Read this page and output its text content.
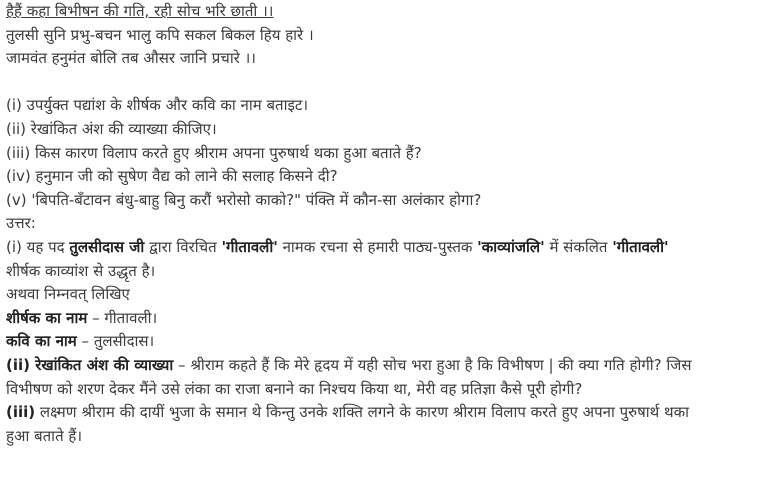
हैहैं कहा बिभीषन की गति, रही सोच भरि छाती ।।
तुलसी सुनि प्रभु-बचन भालु कपि सकल बिकल हिय हारे ।
जामवंत हनुमंत बोलि तब औसर जानि प्रचारे ।।
(i) उपर्युक्त पद्यांश के शीर्षक और कवि का नाम बताइट।
(ii) रेखांकित अंश की व्याख्या कीजिए।
(iii) किस कारण विलाप करते हुए श्रीराम अपना पुरुषार्थ थका हुआ बताते हैं?
(iv) हनुमान जी को सुषेण वैद्य को लाने की सलाह किसने दी?
(v) 'बिपति-बँटावन बंधु-बाहु बिनु करौं भरोसो काको?" पंक्ति में कौन-सा अलंकार होगा?
उत्तर:
(i) यह पद तुलसीदास जी द्वारा विरचित 'गीतावली' नामक रचना से हमारी पाठ्य-पुस्तक 'काव्यांजलि' में संकलित 'गीतावली'
शीर्षक काव्यांश से उद्धृत है।
अथवा निम्नवत् लिखिए
शीर्षक का नाम – गीतावली।
कवि का नाम – तुलसीदास।
(ii) रेखांकित अंश की व्याख्या – श्रीराम कहते हैं कि मेरे हृदय में यही सोच भरा हुआ है कि विभीषण | की क्या गति होगी? जिस
विभीषण को शरण देकर मैंने उसे लंका का राजा बनाने का निश्चय किया था, मेरी वह प्रतिज्ञा कैसे पूरी होगी?
(iii) लक्ष्मण श्रीराम की दायीं भुजा के समान थे किन्तु उनके शक्ति लगने के कारण श्रीराम विलाप करते हुए अपना पुरुषार्थ थका
हुआ बताते हैं।
